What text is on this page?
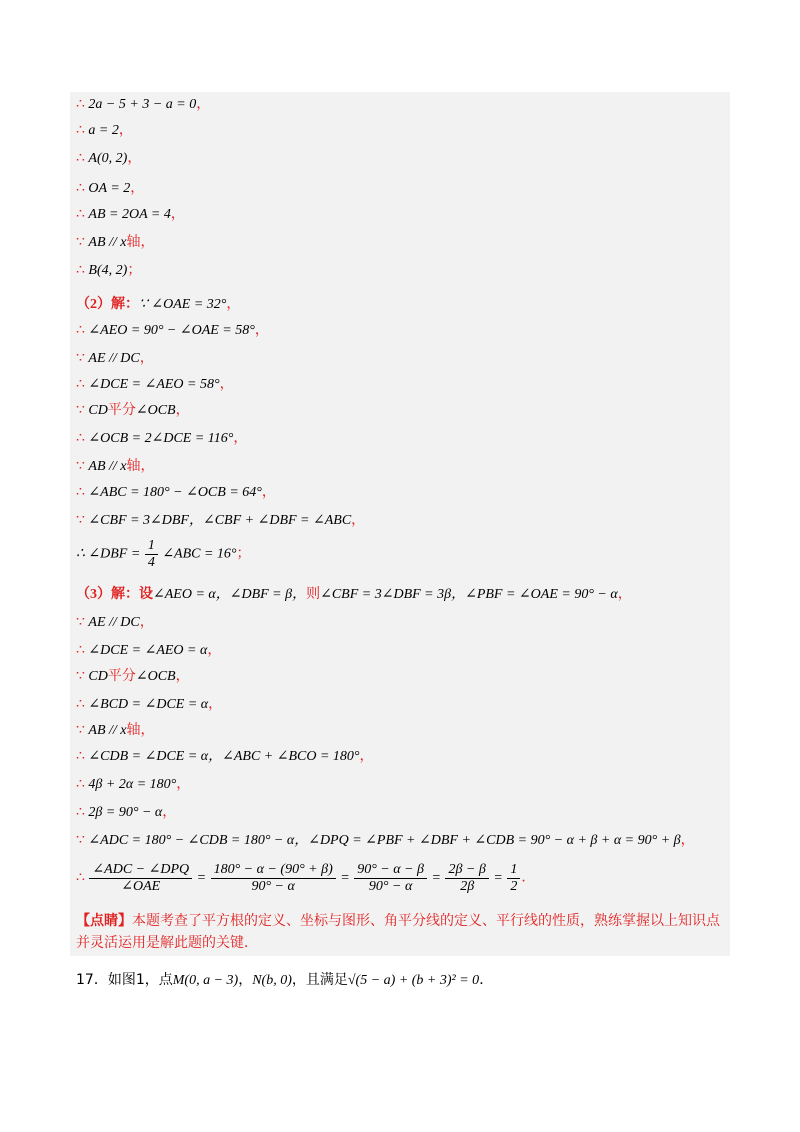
【点睛】本题考查了平方根的定义、坐标与图形、角平分线的定义、平行线的性质，熟练掌握以上知识点并灵活运用是解此题的关键．
17．如图1，点M(0, a − 3)，N(b, 0)，且满足√(5 − a) + (b + 3)² = 0．
∴ 2a − 5 + 3 − a = 0，
∴ a = 2，
∴ A(0, 2)，
∴ OA = 2，
∴ AB = 2OA = 4，
∵ AB // x轴，
∴ B(4, 2)；
（2）解：∵ ∠OAE = 32°，
∴ ∠AEO = 90° − ∠OAE = 58°，
∵ AE // DC，
∴ ∠DCE = ∠AEO = 58°，
∵ CD平分∠OCB，
∴ ∠OCB = 2∠DCE = 116°，
∵ AB // x轴，
∴ ∠ABC = 180° − ∠OCB = 64°，
∵ ∠CBF = 3∠DBF，∠CBF + ∠DBF = ∠ABC，
∴ ∠DBF = $\frac{1}{4}$ ∠ABC = 16°；
（3）解：设∠AEO = α，∠DBF = β，则∠CBF = 3∠DBF = 3β，∠PBF = ∠OAE = 90° − α，
∵ AE // DC，
∴ ∠DCE = ∠AEO = α，
∵ CD平分∠OCB，
∴ ∠BCD = ∠DCE = α，
∵ AB // x轴，
∴ ∠CDB = ∠DCE = α，∠ABC + ∠BCO = 180°，
∴ 4β + 2α = 180°，
∴ 2β = 90° − α，
∵ ∠ADC = 180° − ∠CDB = 180° − α，∠DPQ = ∠PBF + ∠DBF + ∠CDB = 90° − α + β + α = 90° + β，
∴ $\frac{\text{∠ADC − ∠DPQ}}{\text{∠OAE}} = \frac{180^\circ - \alpha - (90^\circ + \beta)}{90^\circ - \alpha} = \frac{90^\circ - \alpha - \beta}{90^\circ - \alpha} = \frac{2\beta - \beta}{2\beta} = \frac{1}{2}$ ．
